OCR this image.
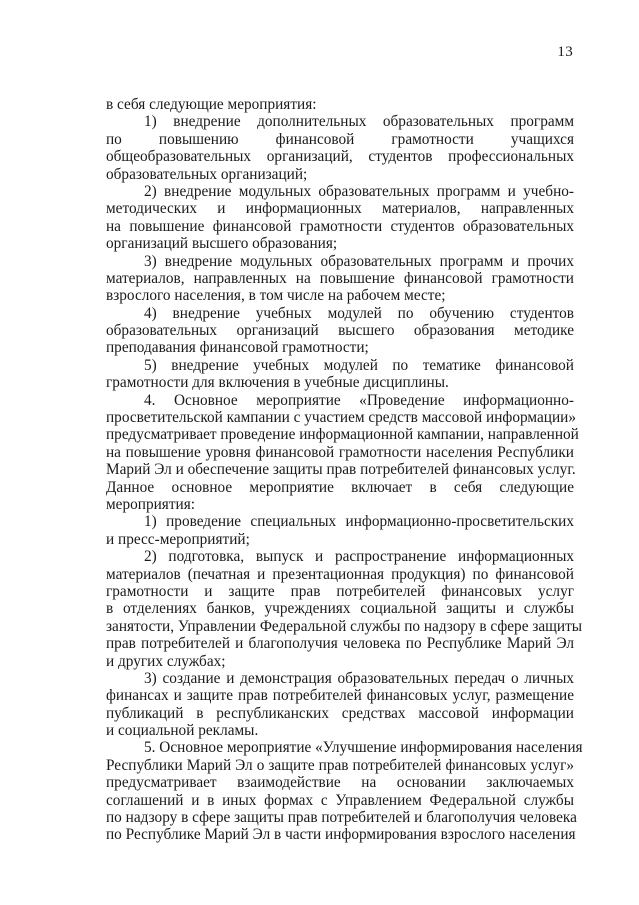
13
в себя следующие мероприятия:
1) внедрение дополнительных образовательных программ
по повышению финансовой грамотности учащихся
общеобразовательных организаций, студентов профессиональных
образовательных организаций;
2) внедрение модульных образовательных программ и учебно-
методических и информационных материалов, направленных
на повышение финансовой грамотности студентов образовательных
организаций высшего образования;
3) внедрение модульных образовательных программ и прочих
материалов, направленных на повышение финансовой грамотности
взрослого населения, в том числе на рабочем месте;
4) внедрение учебных модулей по обучению студентов
образовательных организаций высшего образования методике
преподавания финансовой грамотности;
5) внедрение учебных модулей по тематике финансовой
грамотности для включения в учебные дисциплины.
4. Основное мероприятие «Проведение информационно-
просветительской кампании с участием средств массовой информации»
предусматривает проведение информационной кампании, направленной
на повышение уровня финансовой грамотности населения Республики
Марий Эл и обеспечение защиты прав потребителей финансовых услуг.
Данное основное мероприятие включает в себя следующие
мероприятия:
1) проведение специальных информационно-просветительских
и пресс-мероприятий;
2) подготовка, выпуск и распространение информационных
материалов (печатная и презентационная продукция) по финансовой
грамотности и защите прав потребителей финансовых услуг
в отделениях банков, учреждениях социальной защиты и службы
занятости, Управлении Федеральной службы по надзору в сфере защиты
прав потребителей и благополучия человека по Республике Марий Эл
и других службах;
3) создание и демонстрация образовательных передач о личных
финансах и защите прав потребителей финансовых услуг, размещение
публикаций в республиканских средствах массовой информации
и социальной рекламы.
5. Основное мероприятие «Улучшение информирования населения
Республики Марий Эл о защите прав потребителей финансовых услуг»
предусматривает взаимодействие на основании заключаемых
соглашений и в иных формах с Управлением Федеральной службы
по надзору в сфере защиты прав потребителей и благополучия человека
по Республике Марий Эл в части информирования взрослого населения
